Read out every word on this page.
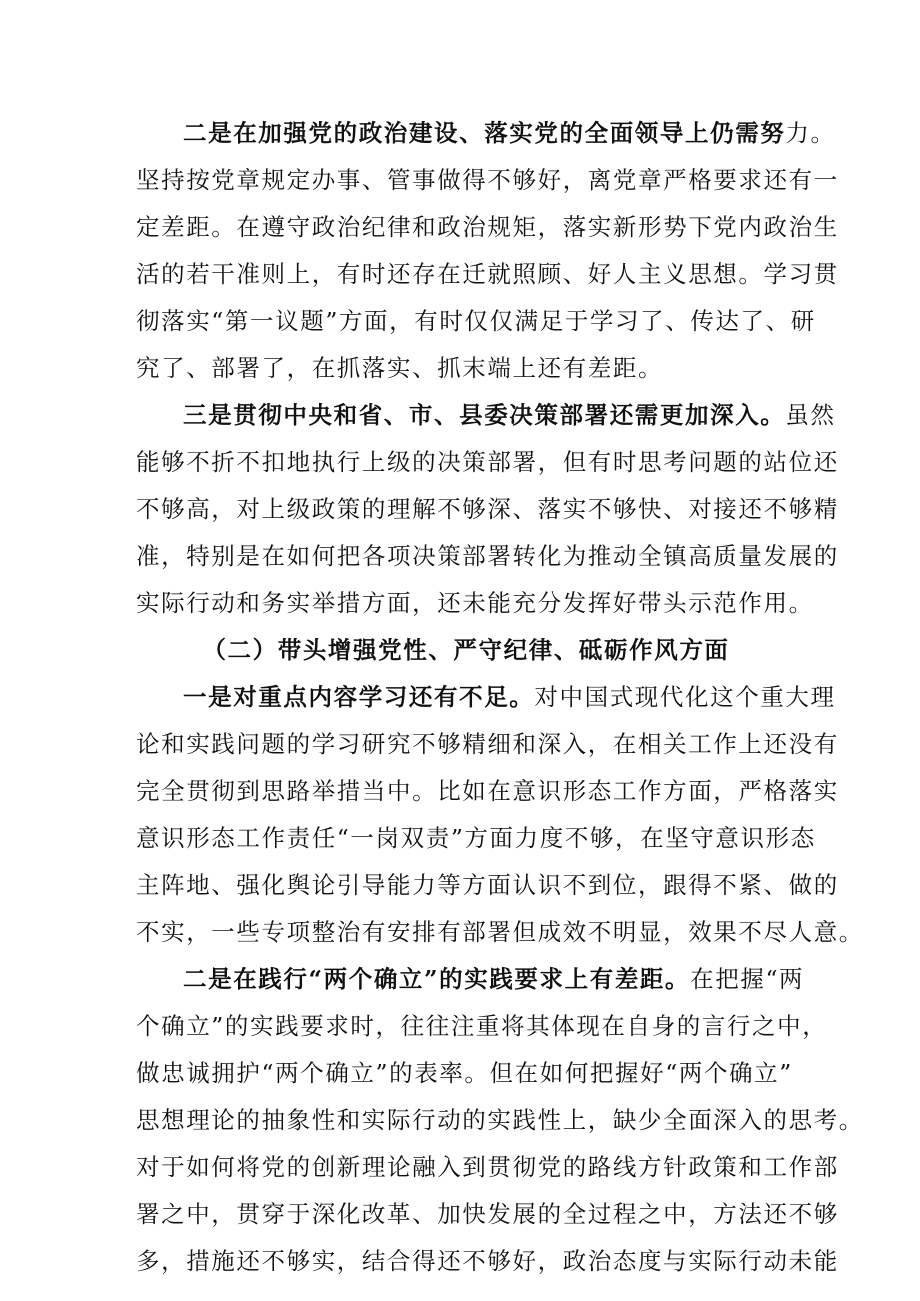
二是在加强党的政治建设、落实党的全面领导上仍需努力。
坚持按党章规定办事、管事做得不够好，离党章严格要求还有一
定差距。在遵守政治纪律和政治规矩，落实新形势下党内政治生
活的若干准则上，有时还存在迁就照顾、好人主义思想。学习贯
彻落实“第一议题”方面，有时仅仅满足于学习了、传达了、研
究了、部署了，在抓落实、抓末端上还有差距。
三是贯彻中央和省、市、县委决策部署还需更加深入。虽然
能够不折不扣地执行上级的决策部署，但有时思考问题的站位还
不够高，对上级政策的理解不够深、落实不够快、对接还不够精
准，特别是在如何把各项决策部署转化为推动全镇高质量发展的
实际行动和务实举措方面，还未能充分发挥好带头示范作用。
（二）带头增强党性、严守纪律、砥砺作风方面
一是对重点内容学习还有不足。对中国式现代化这个重大理
论和实践问题的学习研究不够精细和深入，在相关工作上还没有
完全贯彻到思路举措当中。比如在意识形态工作方面，严格落实
意识形态工作责任“一岗双责”方面力度不够，在坚守意识形态
主阵地、强化舆论引导能力等方面认识不到位，跟得不紧、做的
不实，一些专项整治有安排有部署但成效不明显，效果不尽人意。
二是在践行“两个确立”的实践要求上有差距。在把握“两
个确立”的实践要求时，往往注重将其体现在自身的言行之中，
做忠诚拥护“两个确立”的表率。但在如何把握好“两个确立”
思想理论的抽象性和实际行动的实践性上，缺少全面深入的思考。
对于如何将党的创新理论融入到贯彻党的路线方针政策和工作部
署之中，贯穿于深化改革、加快发展的全过程之中，方法还不够
多，措施还不够实，结合得还不够好，政治态度与实际行动未能
